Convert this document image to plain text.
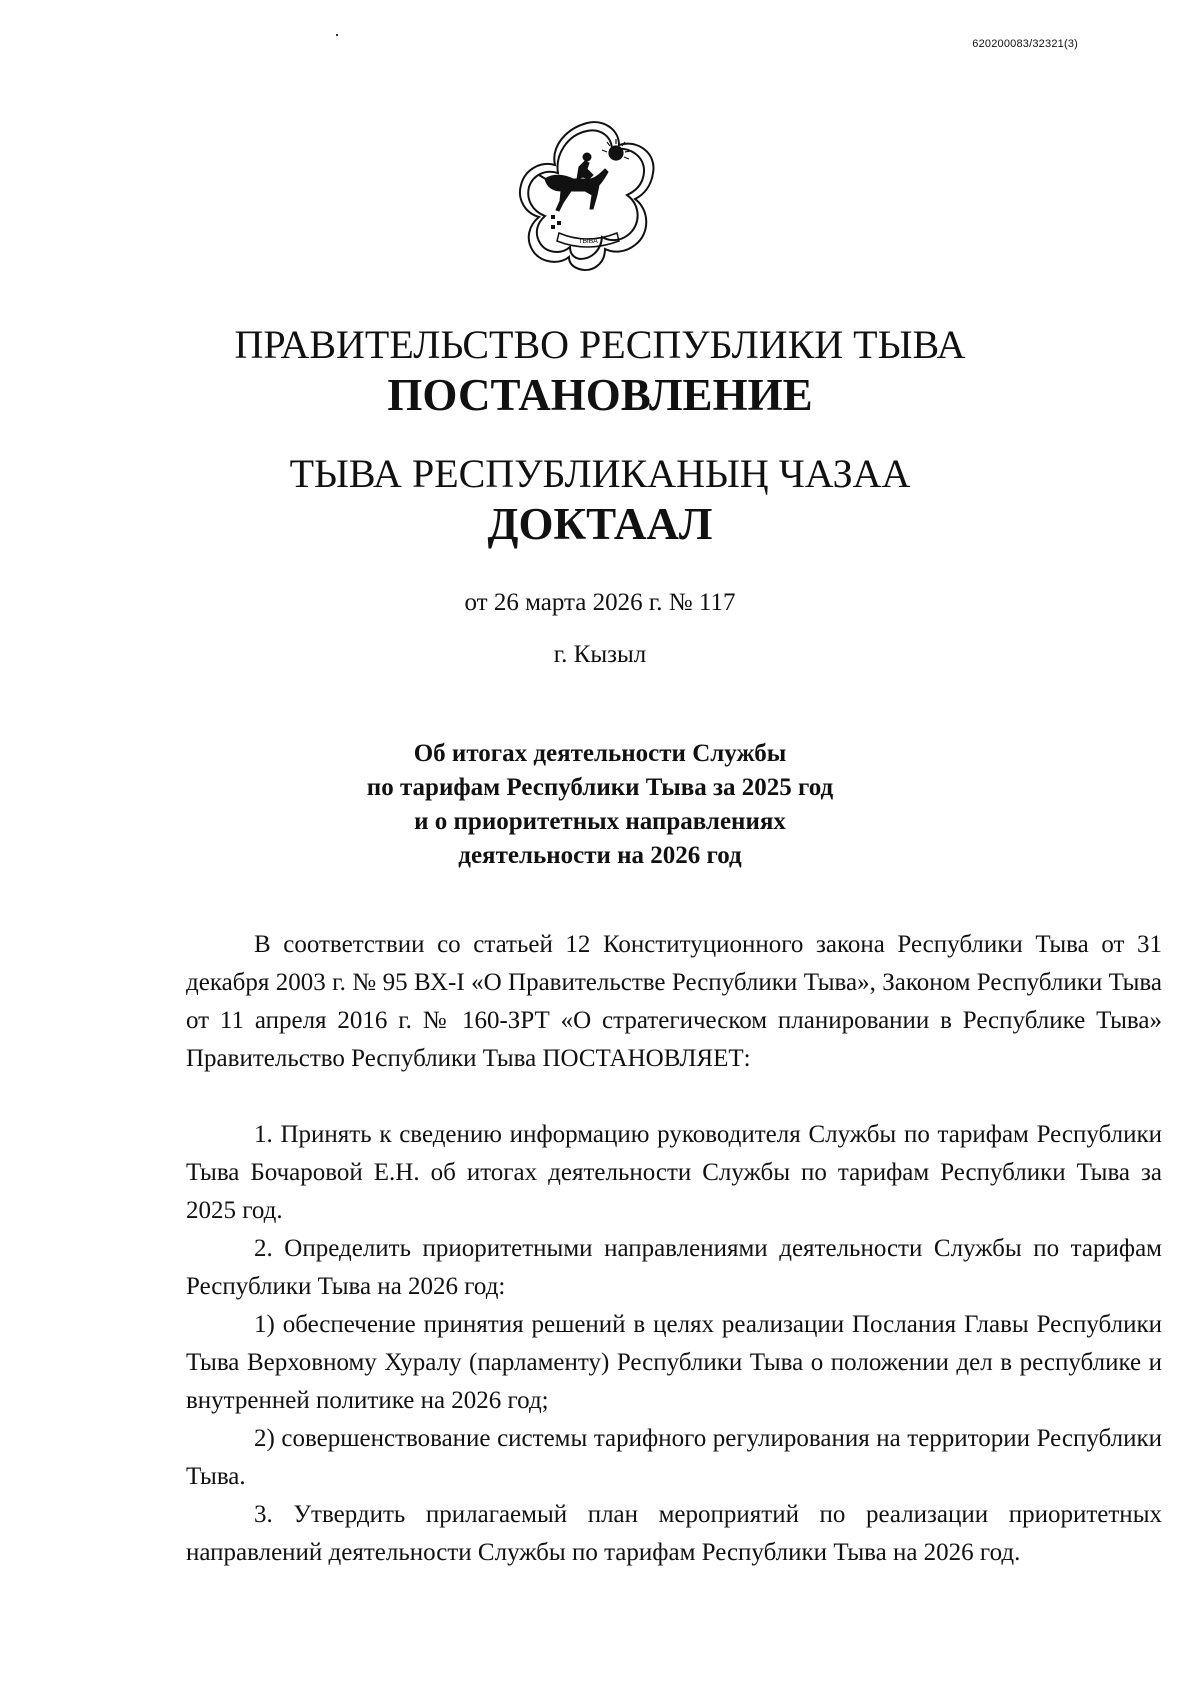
620200083/32321(3)
ТЫВА
ПРАВИТЕЛЬСТВО РЕСПУБЛИКИ ТЫВА
ПОСТАНОВЛЕНИЕ
ТЫВА РЕСПУБЛИКАНЫҢ ЧАЗАА
ДОКТААЛ
от 26 марта 2026 г. № 117
г. Кызыл
Об итогах деятельности Службы
по тарифам Республики Тыва за 2025 год
и о приоритетных направлениях
деятельности на 2026 год

В соответствии со статьей 12 Конституционного закона Республики Тыва от 31 декабря 2003 г. № 95 ВХ-I «О Правительстве Республики Тыва», Законом Республики Тыва от 11 апреля 2016 г. № 160-ЗРТ «О стратегическом планировании в Республике Тыва» Правительство Республики Тыва ПОСТАНОВЛЯЕТ:

1. Принять к сведению информацию руководителя Службы по тарифам Республики Тыва Бочаровой Е.Н. об итогах деятельности Службы по тарифам Республики Тыва за 2025 год.

2. Определить приоритетными направлениями деятельности Службы по тарифам Республики Тыва на 2026 год:

1) обеспечение принятия решений в целях реализации Послания Главы Республики Тыва Верховному Хуралу (парламенту) Республики Тыва о положении дел в республике и внутренней политике на 2026 год;

2) совершенствование системы тарифного регулирования на территории Республики Тыва.

3. Утвердить прилагаемый план мероприятий по реализации приоритетных направлений деятельности Службы по тарифам Республики Тыва на 2026 год.
